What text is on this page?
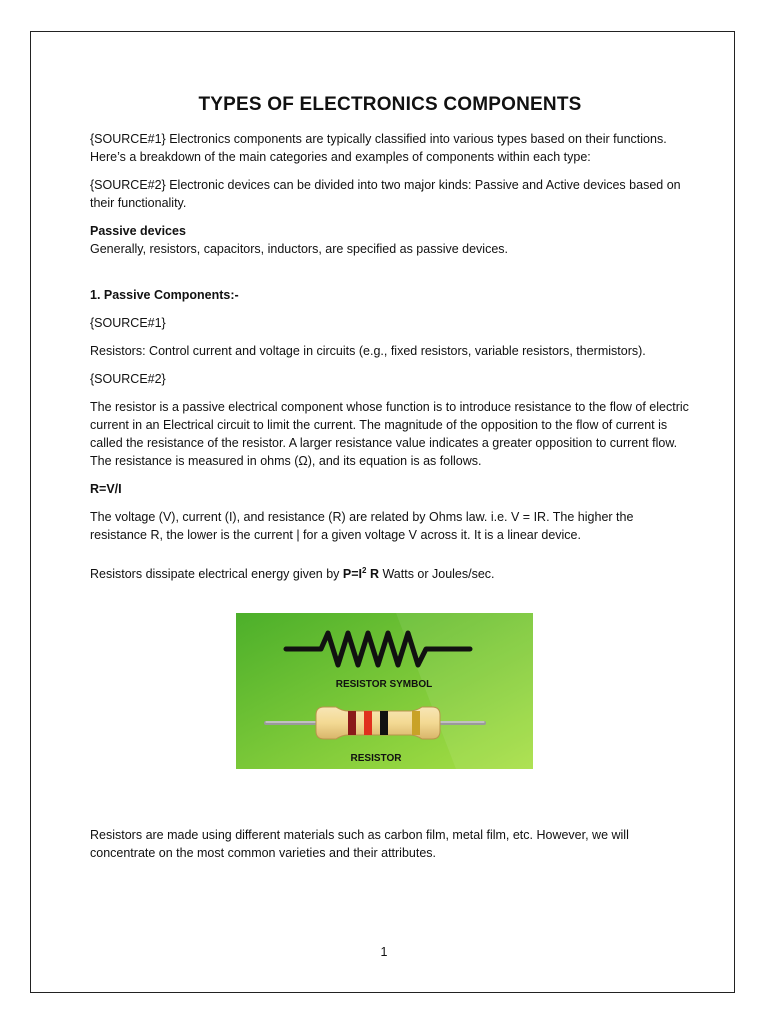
TYPES OF ELECTRONICS COMPONENTS

{SOURCE#1} Electronics components are typically classified into various types based on their functions. Here’s a breakdown of the main categories and examples of components within each type:

{SOURCE#2} Electronic devices can be divided into two major kinds: Passive and Active devices based on their functionality.

Passive devices

Generally, resistors, capacitors, inductors, are specified as passive devices.

1. Passive Components:-

{SOURCE#1}

Resistors: Control current and voltage in circuits (e.g., fixed resistors, variable resistors, thermistors).

{SOURCE#2}

The resistor is a passive electrical component whose function is to introduce resistance to the flow of electric current in an Electrical circuit to limit the current. The magnitude of the opposition to the flow of current is called the resistance of the resistor. A larger resistance value indicates a greater opposition to current flow. The resistance is measured in ohms (Ω), and its equation is as follows.

R=V/I

The voltage (V), current (I), and resistance (R) are related by Ohms law. i.e. V = IR. The higher the resistance R, the lower is the current | for a given voltage V across it. It is a linear device.

Resistors dissipate electrical energy given by $P=I^2$ R Watts or Joules/sec.

RESISTOR SYMBOL
RESISTOR

Resistors are made using different materials such as carbon film, metal film, etc. However, we will concentrate on the most common varieties and their attributes.

1
